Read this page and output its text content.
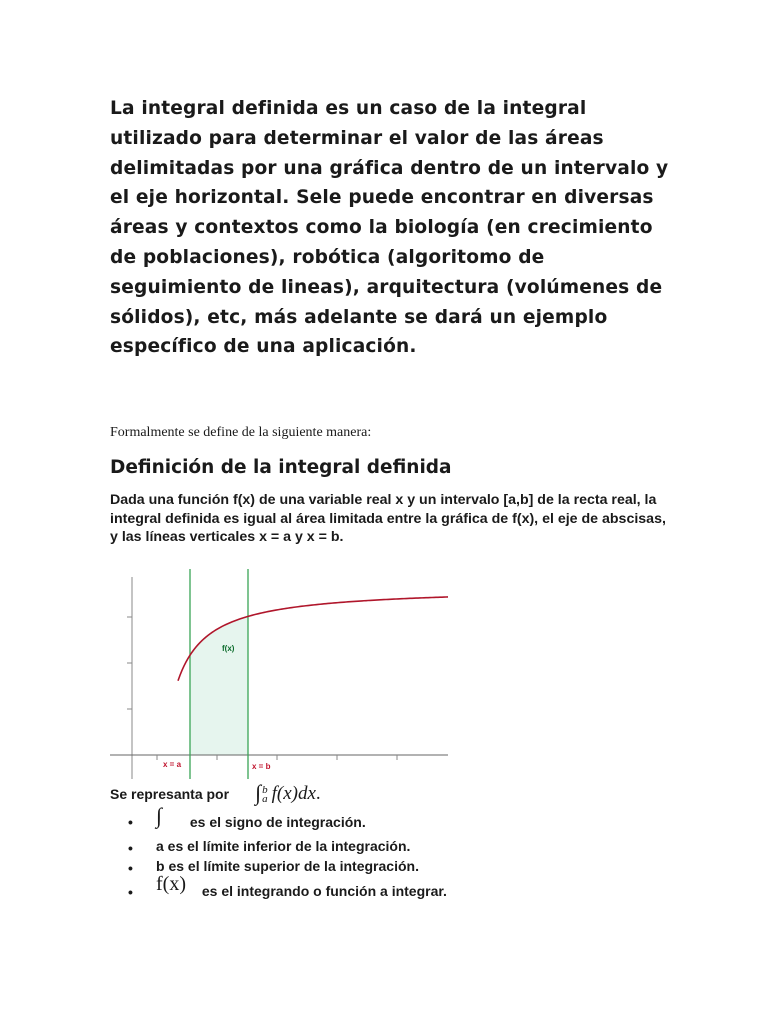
La integral definida es un caso de la integral utilizado para determinar el valor de las áreas delimitadas por una gráfica dentro de un intervalo y el eje horizontal. Sele puede encontrar en diversas áreas y contextos como la biología (en crecimiento de poblaciones), robótica (algoritomo de seguimiento de lineas), arquitectura (volúmenes de sólidos), etc, más adelante se dará un ejemplo específico de una aplicación.

Formalmente se define de la siguiente manera:

Definición de la integral definida

Dada una función f(x) de una variable real x y un intervalo [a,b] de la recta real, la integral definida es igual al área limitada entre la gráfica de f(x), el eje de abscisas, y las líneas verticales x = a y x = b.

f(x)
x = a	x = b
Se represanta por ∫ b
a f(x)dx .
• ∫ es el signo de integración.
• a es el límite inferior de la integración.
• b es el límite superior de la integración.
• f(x) es el integrando o función a integrar.
